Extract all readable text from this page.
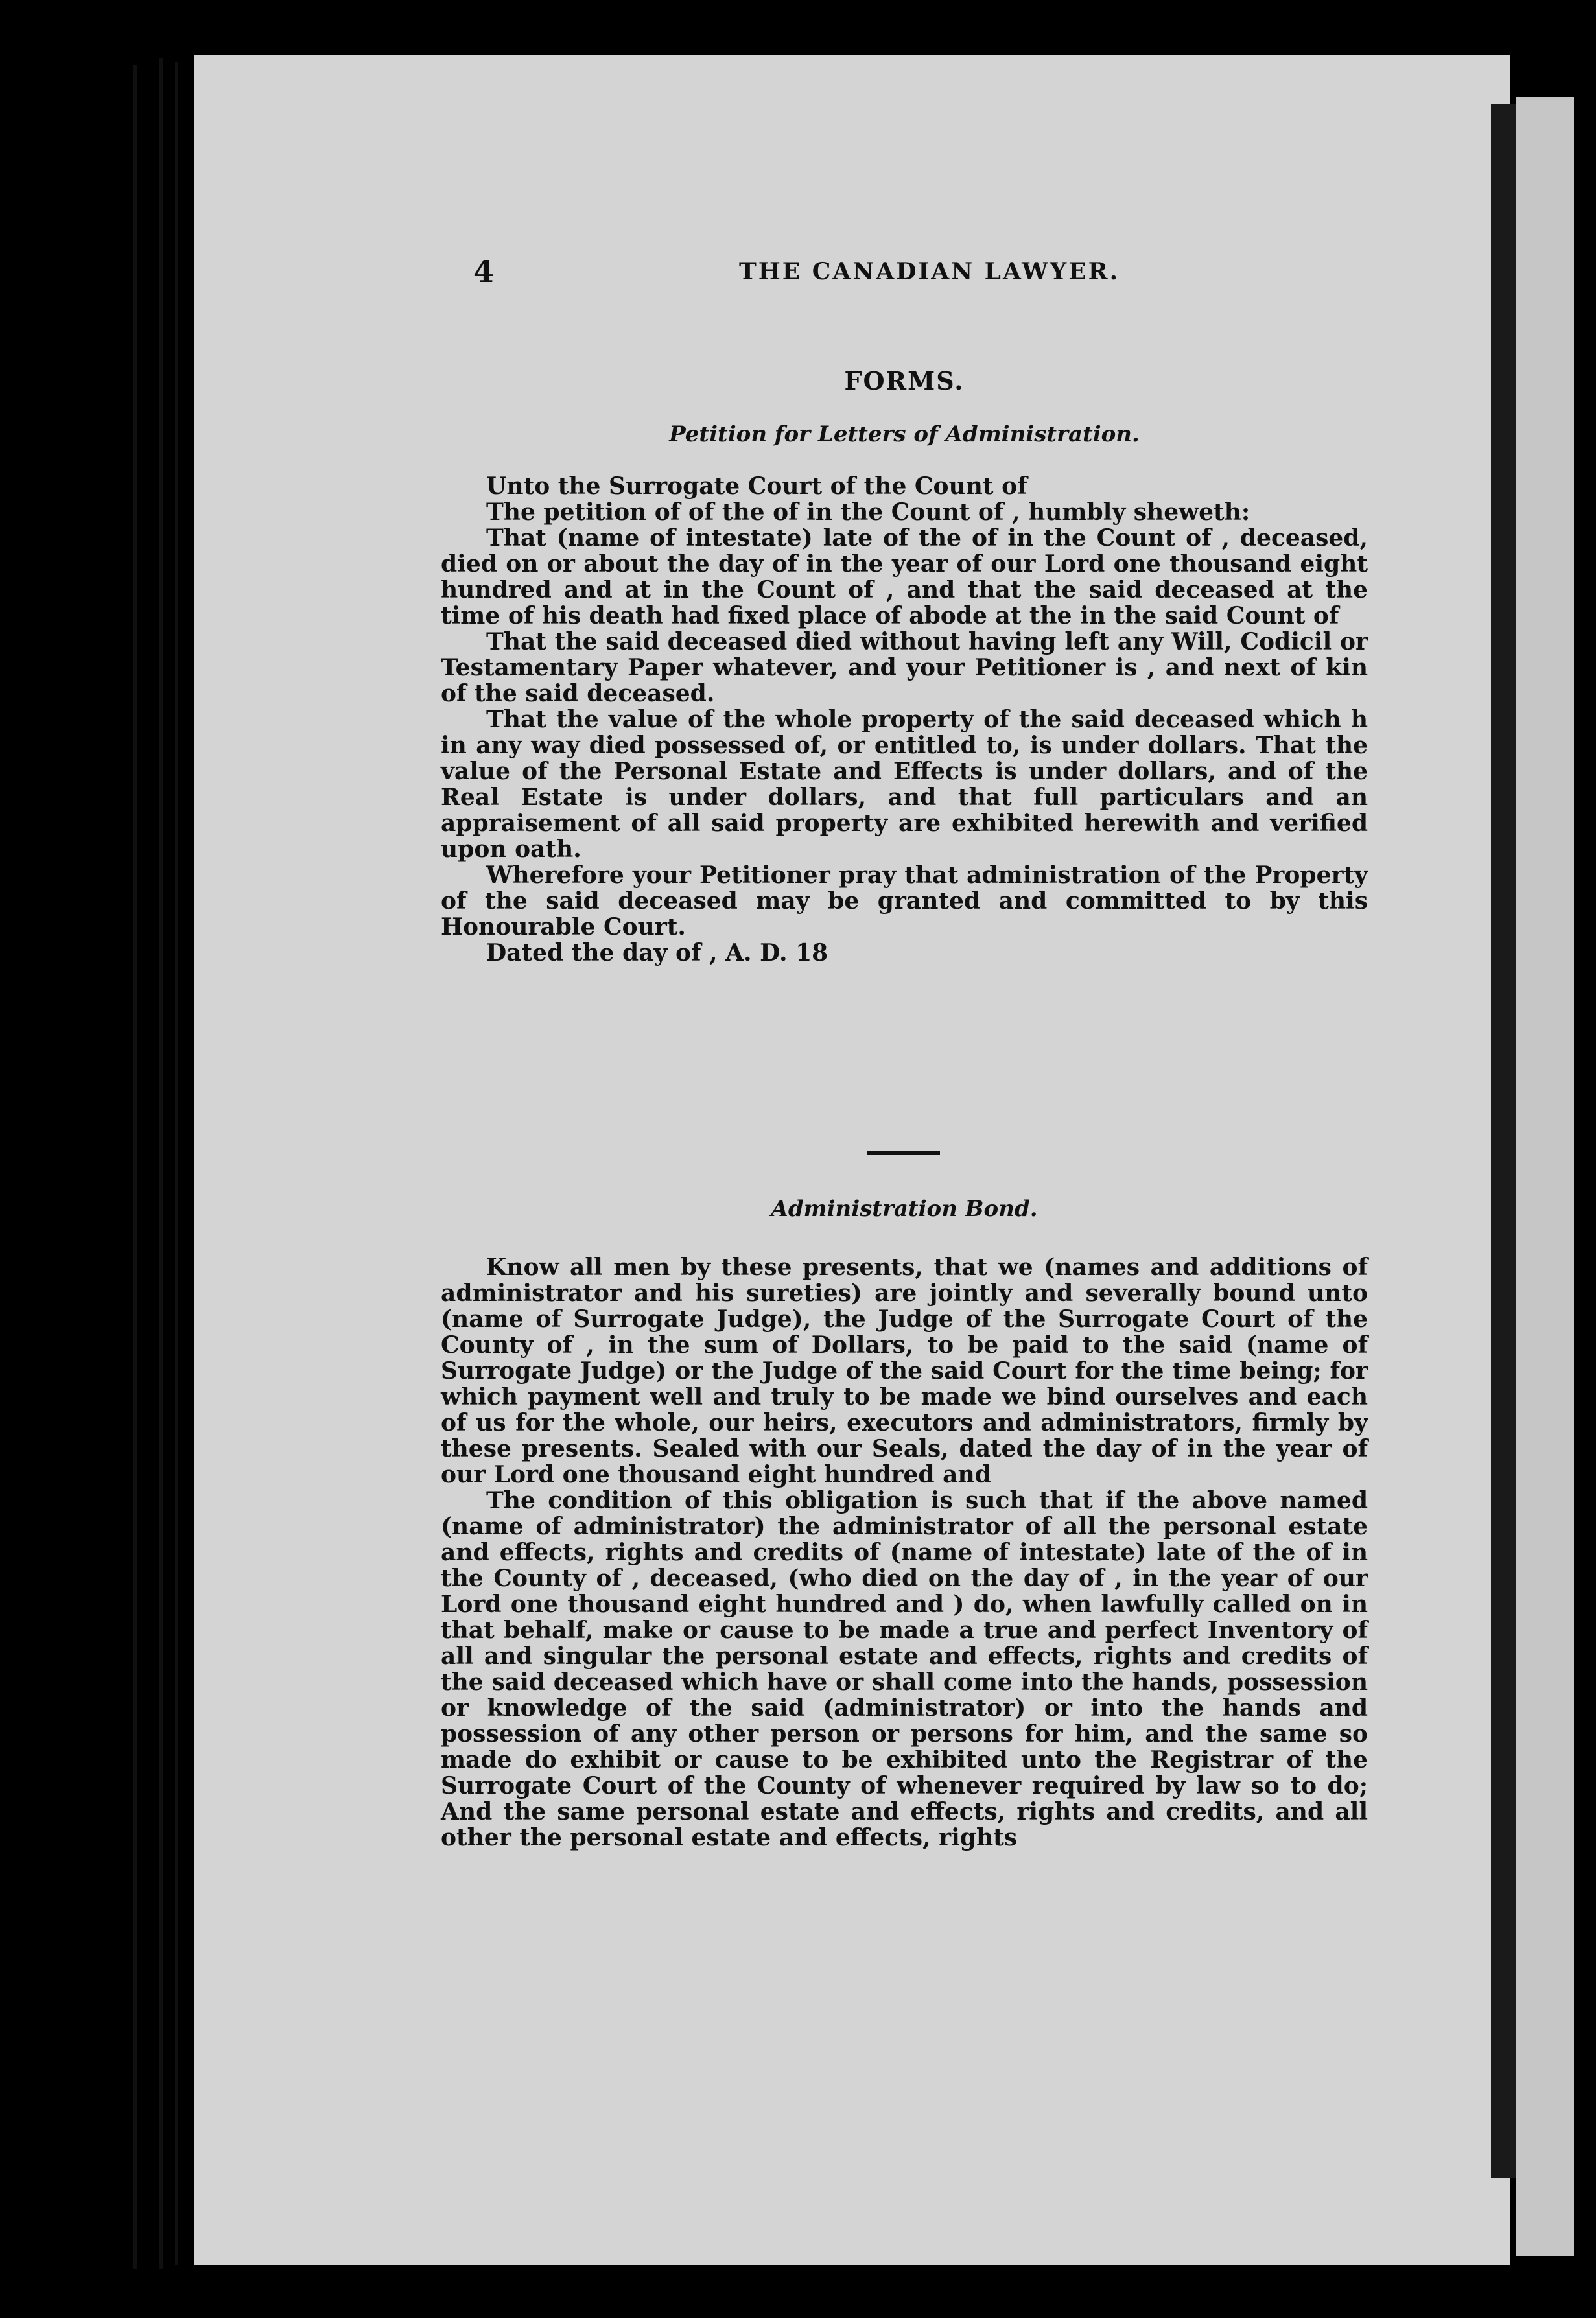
4	THE CANADIAN LAWYER.
FORMS.
Petition for Letters of Administration.

Unto the Surrogate Court of the Count of

The petition of of the of in the Count of , humbly sheweth:

That (name of intestate) late of the of in the Count of , deceased, died on or about the day of in the year of our Lord one thousand eight hundred and at in the Count of , and that the said deceased at the time of his death had fixed place of abode at the in the said Count of

That the said deceased died without having left any Will, Codicil or Testamentary Paper whatever, and your Petitioner is , and next of kin of the said deceased.

That the value of the whole property of the said deceased which h in any way died possessed of, or entitled to, is under dollars. That the value of the Personal Estate and Effects is under dollars, and of the Real Estate is under dollars, and that full particulars and an appraisement of all said property are exhibited herewith and verified upon oath.

Wherefore your Petitioner pray that administration of the Property of the said deceased may be granted and committed to by this Honourable Court.

Dated the day of , A. D. 18

Administration Bond.

Know all men by these presents, that we (names and additions of administrator and his sureties) are jointly and severally bound unto (name of Surrogate Judge), the Judge of the Surrogate Court of the County of , in the sum of Dollars, to be paid to the said (name of Surrogate Judge) or the Judge of the said Court for the time being; for which payment well and truly to be made we bind ourselves and each of us for the whole, our heirs, executors and administrators, firmly by these presents. Sealed with our Seals, dated the day of in the year of our Lord one thousand eight hundred and

The condition of this obligation is such that if the above named (name of administrator) the administrator of all the personal estate and effects, rights and credits of (name of intestate) late of the of in the County of , deceased, (who died on the day of , in the year of our Lord one thousand eight hundred and ) do, when lawfully called on in that behalf, make or cause to be made a true and perfect Inventory of all and singular the personal estate and effects, rights and credits of the said deceased which have or shall come into the hands, possession or knowledge of the said (administrator) or into the hands and possession of any other person or persons for him, and the same so made do exhibit or cause to be exhibited unto the Registrar of the Surrogate Court of the County of whenever required by law so to do; And the same personal estate and effects, rights and credits, and all other the personal estate and effects, rights
